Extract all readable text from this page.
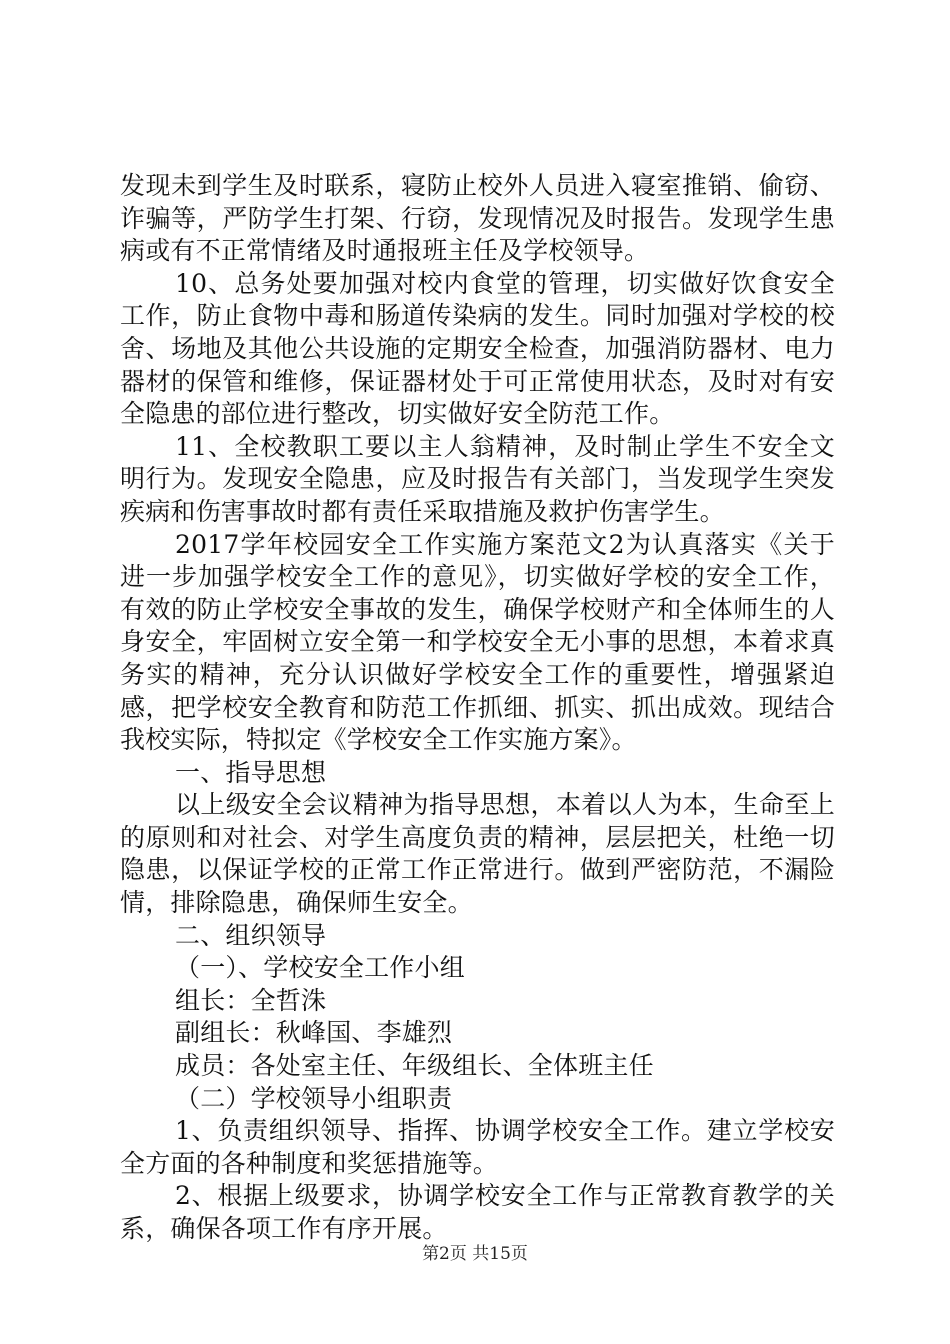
发现未到学生及时联系，寝防止校外人员进入寝室推销、偷窃、诈骗等，严防学生打架、行窃，发现情况及时报告。发现学生患病或有不正常情绪及时通报班主任及学校领导。

10、总务处要加强对校内食堂的管理，切实做好饮食安全工作，防止食物中毒和肠道传染病的发生。同时加强对学校的校舍、场地及其他公共设施的定期安全检查，加强消防器材、电力器材的保管和维修，保证器材处于可正常使用状态，及时对有安全隐患的部位进行整改，切实做好安全防范工作。

11、全校教职工要以主人翁精神，及时制止学生不安全文明行为。发现安全隐患，应及时报告有关部门，当发现学生突发疾病和伤害事故时都有责任采取措施及救护伤害学生。

2017学年校园安全工作实施方案范文2为认真落实《关于进一步加强学校安全工作的意见》，切实做好学校的安全工作，有效的防止学校安全事故的发生，确保学校财产和全体师生的人身安全，牢固树立安全第一和学校安全无小事的思想，本着求真务实的精神，充分认识做好学校安全工作的重要性，增强紧迫感，把学校安全教育和防范工作抓细、抓实、抓出成效。现结合我校实际，特拟定《学校安全工作实施方案》。

一、指导思想

以上级安全会议精神为指导思想，本着以人为本，生命至上的原则和对社会、对学生高度负责的精神，层层把关，杜绝一切隐患，以保证学校的正常工作正常进行。做到严密防范，不漏险情，排除隐患，确保师生安全。

二、组织领导

（一）、学校安全工作小组

组长：全哲洙

副组长：秋峰国、李雄烈

成员：各处室主任、年级组长、全体班主任

（二）学校领导小组职责

1、负责组织领导、指挥、协调学校安全工作。建立学校安全方面的各种制度和奖惩措施等。

2、根据上级要求，协调学校安全工作与正常教育教学的关系，确保各项工作有序开展。

第2页 共15页
